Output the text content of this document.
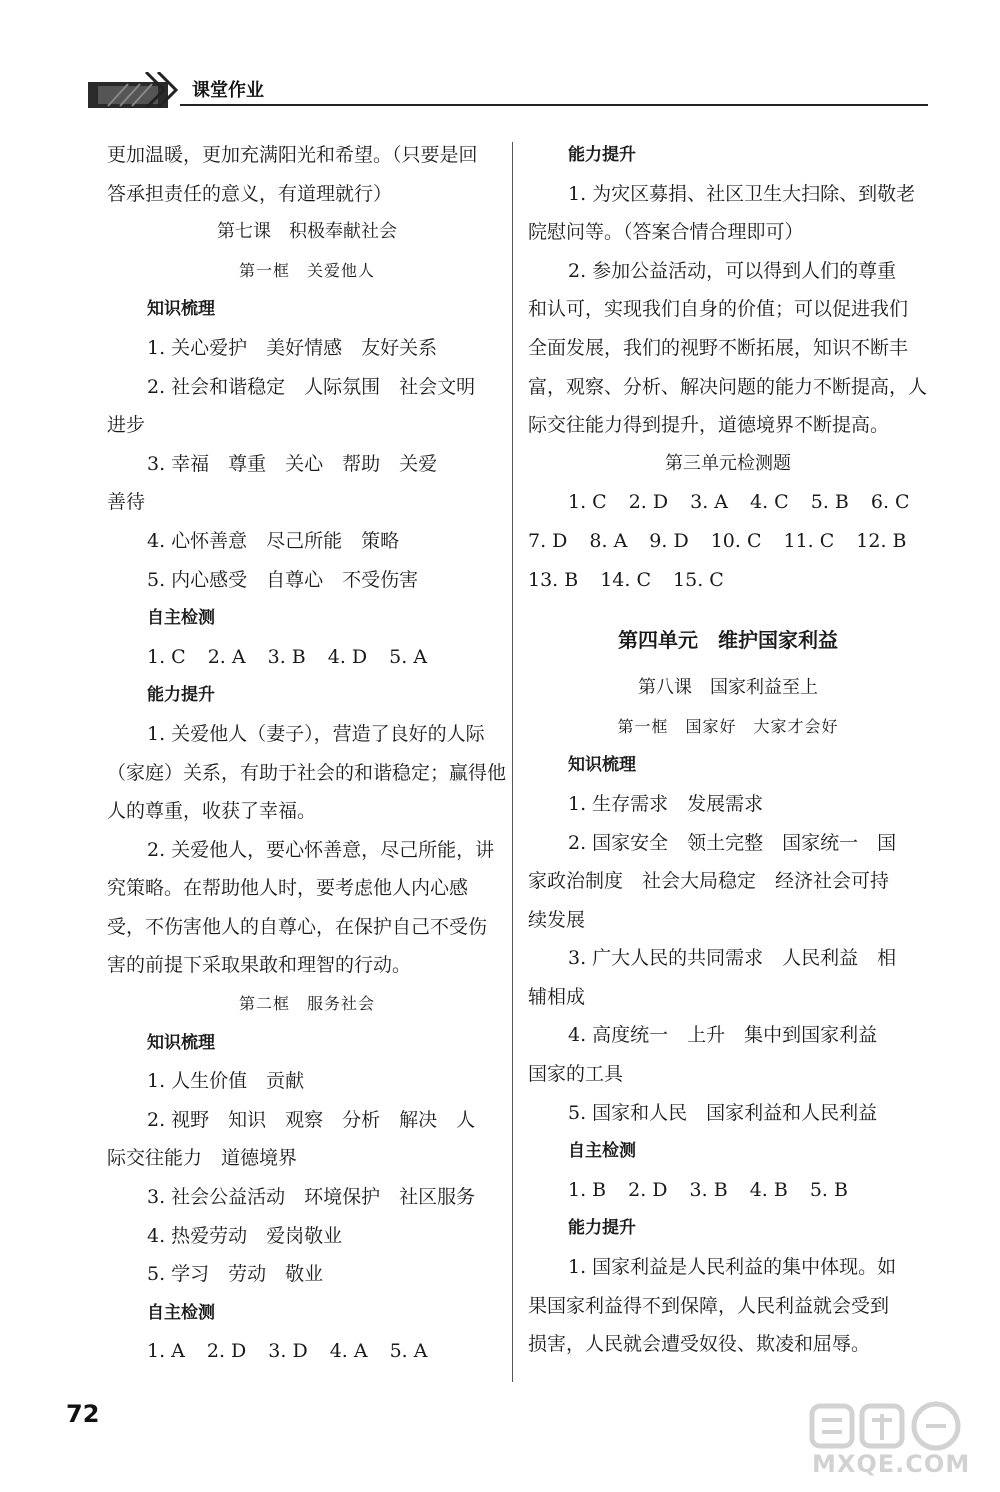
课堂作业
更加温暖，更加充满阳光和希望。（只要是回
答承担责任的意义，有道理就行）
第七课　积极奉献社会
第一框　关爱他人
知识梳理
1. 关心爱护　美好情感　友好关系
2. 社会和谐稳定　人际氛围　社会文明
进步
3. 幸福　尊重　关心　帮助　关爱
善待
4. 心怀善意　尽己所能　策略
5. 内心感受　自尊心　不受伤害
自主检测
1. C 2. A 3. B 4. D 5. A
能力提升
1. 关爱他人（妻子），营造了良好的人际
（家庭）关系，有助于社会的和谐稳定；赢得他
人的尊重，收获了幸福。
2. 关爱他人，要心怀善意，尽己所能，讲
究策略。在帮助他人时，要考虑他人内心感
受，不伤害他人的自尊心，在保护自己不受伤
害的前提下采取果敢和理智的行动。
第二框　服务社会
知识梳理
1. 人生价值　贡献
2. 视野　知识　观察　分析　解决　人
际交往能力　道德境界
3. 社会公益活动　环境保护　社区服务
4. 热爱劳动　爱岗敬业
5. 学习　劳动　敬业
自主检测
1. A 2. D 3. D 4. A 5. A
能力提升
1. 为灾区募捐、社区卫生大扫除、到敬老
院慰问等。（答案合情合理即可）
2. 参加公益活动，可以得到人们的尊重
和认可，实现我们自身的价值；可以促进我们
全面发展，我们的视野不断拓展，知识不断丰
富，观察、分析、解决问题的能力不断提高，人
际交往能力得到提升，道德境界不断提高。
第三单元检测题
1. C 2. D 3. A 4. C 5. B 6. C
7. D 8. A 9. D 10. C 11. C 12. B
13. B 14. C 15. C
第四单元　维护国家利益
第八课　国家利益至上
第一框　国家好　大家才会好
知识梳理
1. 生存需求　发展需求
2. 国家安全　领土完整　国家统一　国
家政治制度　社会大局稳定　经济社会可持
续发展
3. 广大人民的共同需求　人民利益　相
辅相成
4. 高度统一　上升　集中到国家利益
国家的工具
5. 国家和人民　国家利益和人民利益
自主检测
1. B 2. D 3. B 4. B 5. B
能力提升
1. 国家利益是人民利益的集中体现。如
果国家利益得不到保障，人民利益就会受到
损害，人民就会遭受奴役、欺凌和屈辱。
72
MXQE.COM
